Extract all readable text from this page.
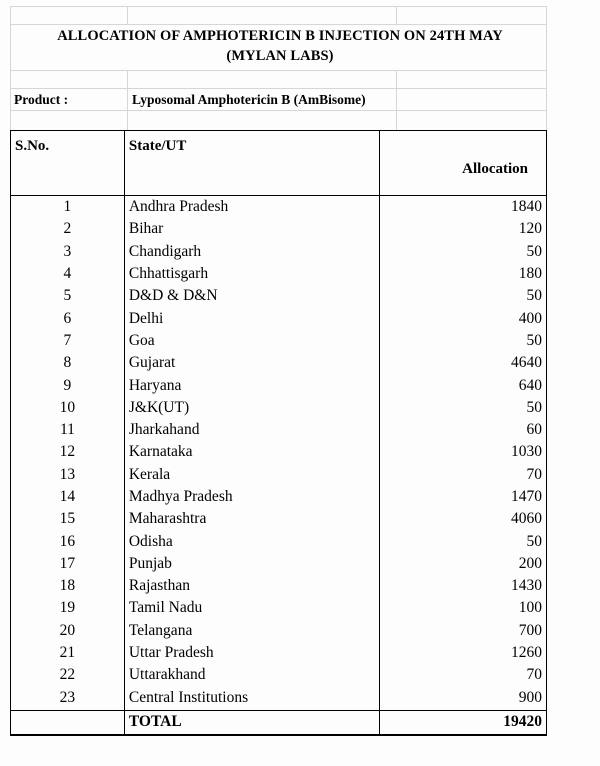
ALLOCATION OF AMPHOTERICIN B INJECTION ON 24TH MAY
(MYLAN LABS)
Product :	Lyposomal Amphotericin B (AmBisome)
S.No.	State/UT	Allocation
1	Andhra Pradesh	1840
2	Bihar	120
3	Chandigarh	50
4	Chhattisgarh	180
5	D&D & D&N	50
6	Delhi	400
7	Goa	50
8	Gujarat	4640
9	Haryana	640
10	J&K(UT)	50
11	Jharkahand	60
12	Karnataka	1030
13	Kerala	70
14	Madhya Pradesh	1470
15	Maharashtra	4060
16	Odisha	50
17	Punjab	200
18	Rajasthan	1430
19	Tamil Nadu	100
20	Telangana	700
21	Uttar Pradesh	1260
22	Uttarakhand	70
23	Central Institutions	900
	TOTAL	19420
